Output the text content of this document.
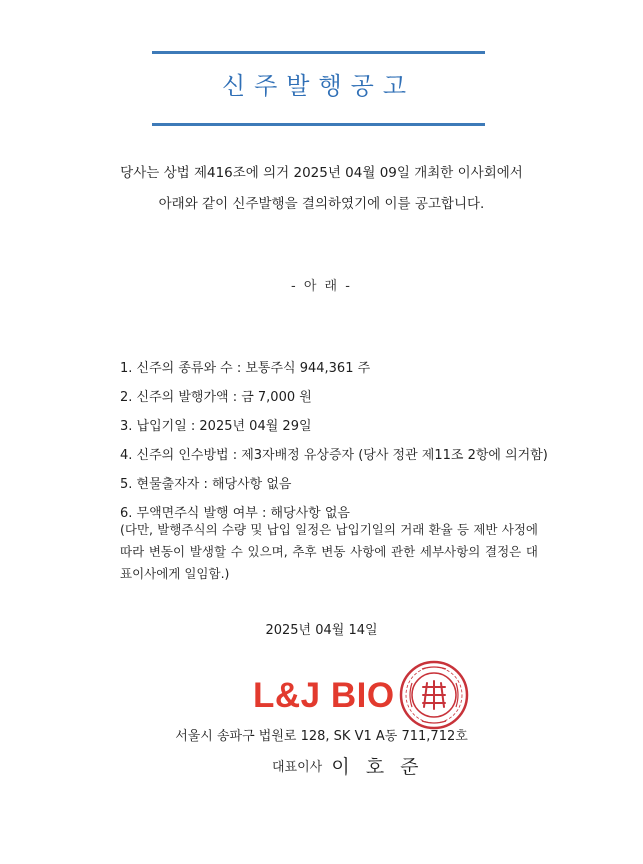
신주발행공고
당사는 상법 제416조에 의거 2025년 04월 09일 개최한 이사회에서
아래와 같이 신주발행을 결의하였기에 이를 공고합니다.
- 아 래 -
1. 신주의 종류와 수 : 보통주식 944,361 주
2. 신주의 발행가액 : 금 7,000 원
3. 납입기일 : 2025년 04월 29일
4. 신주의 인수방법 : 제3자배정 유상증자 (당사 정관 제11조 2항에 의거함)
5. 현물출자자 : 해당사항 없음
6. 무액면주식 발행 여부 : 해당사항 없음
(다만, 발행주식의 수량 및 납입 일정은 납입기일의 거래 환율 등 제반 사정에 따라 변동이 발생할 수 있으며, 추후 변동 사항에 관한 세부사항의 결정은 대표이사에게 일임함.)
2025년 04월 14일
L&J BIO
서울시 송파구 법원로 128, SK V1 A동 711,712호
대표이사 이 호 준
